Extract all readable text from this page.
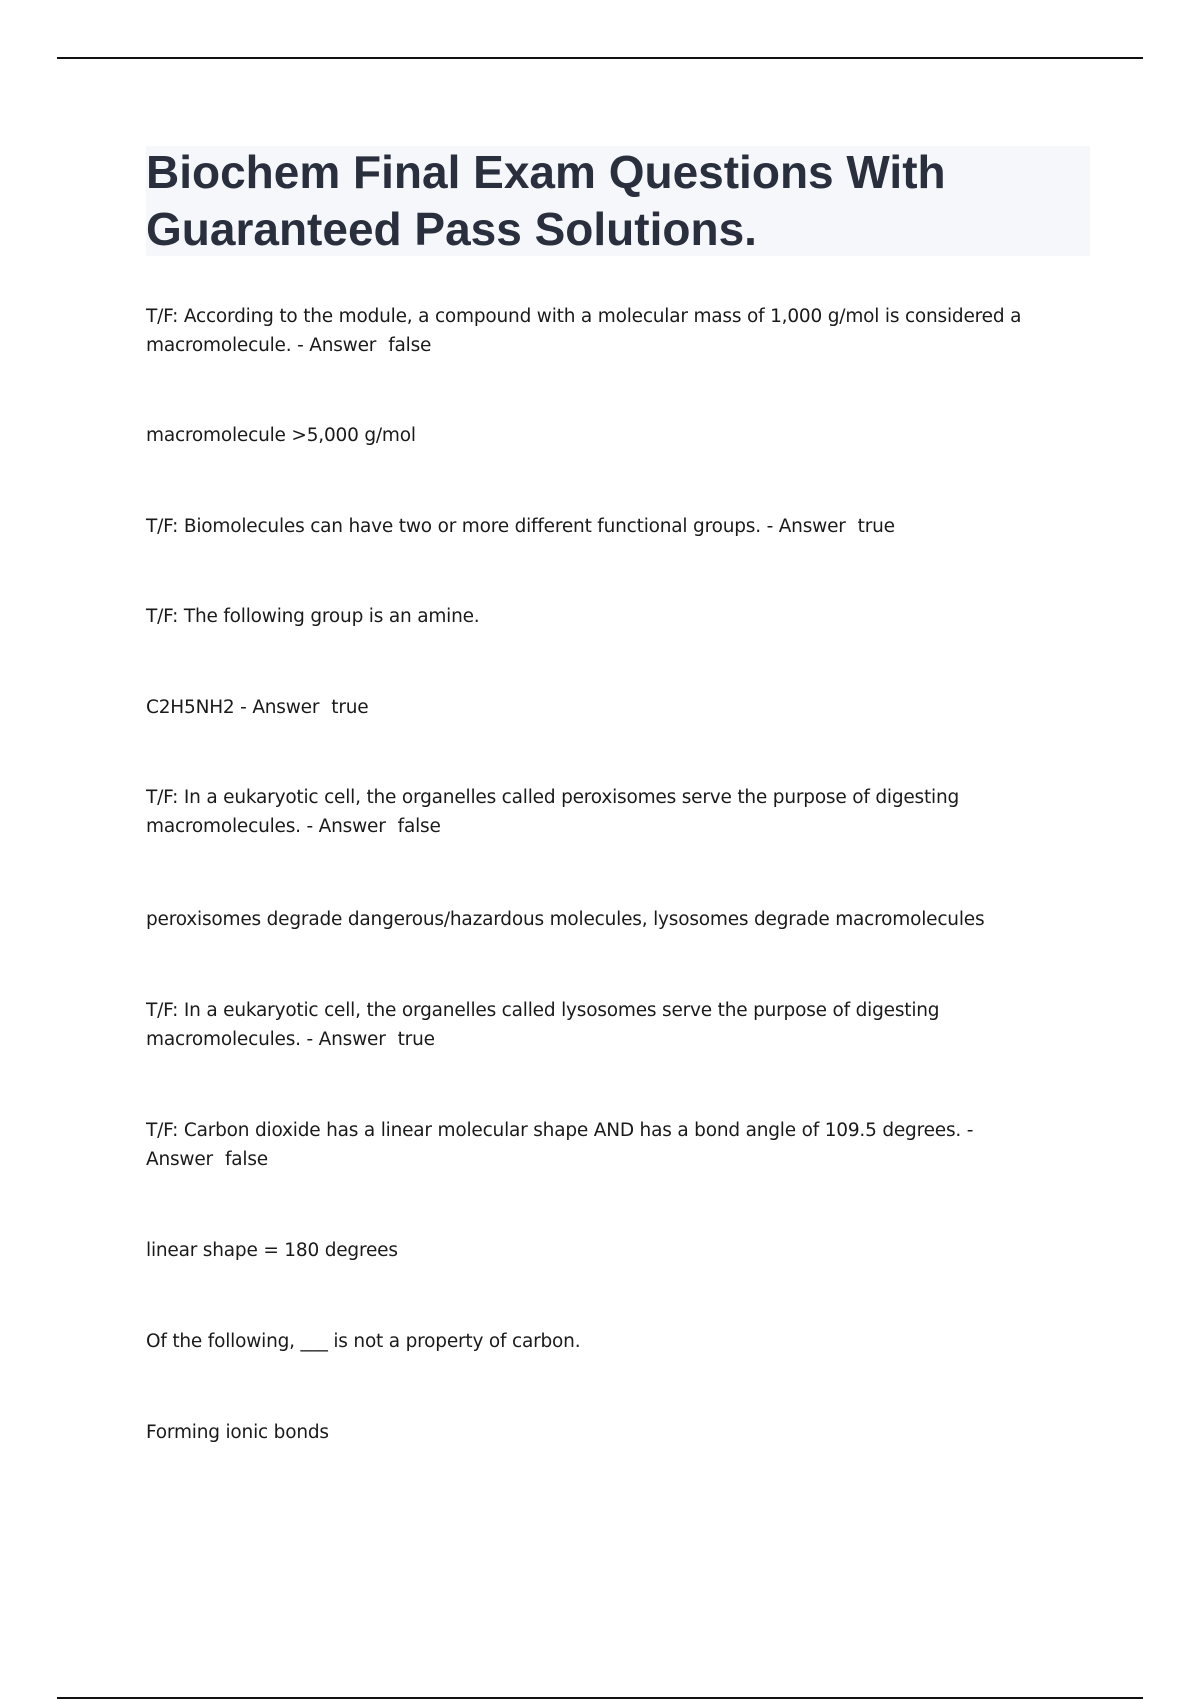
Biochem Final Exam Questions With Guaranteed Pass Solutions.

T/F: According to the module, a compound with a molecular mass of 1,000 g/mol is considered a macromolecule. - Answer false

macromolecule >5,000 g/mol

T/F: Biomolecules can have two or more different functional groups. - Answer true

T/F: The following group is an amine.

C2H5NH2 - Answer true

T/F: In a eukaryotic cell, the organelles called peroxisomes serve the purpose of digesting macromolecules. - Answer false

peroxisomes degrade dangerous/hazardous molecules, lysosomes degrade macromolecules

T/F: In a eukaryotic cell, the organelles called lysosomes serve the purpose of digesting macromolecules. - Answer true

T/F: Carbon dioxide has a linear molecular shape AND has a bond angle of 109.5 degrees. - Answer false

linear shape = 180 degrees

Of the following, ___ is not a property of carbon.

Forming ionic bonds
